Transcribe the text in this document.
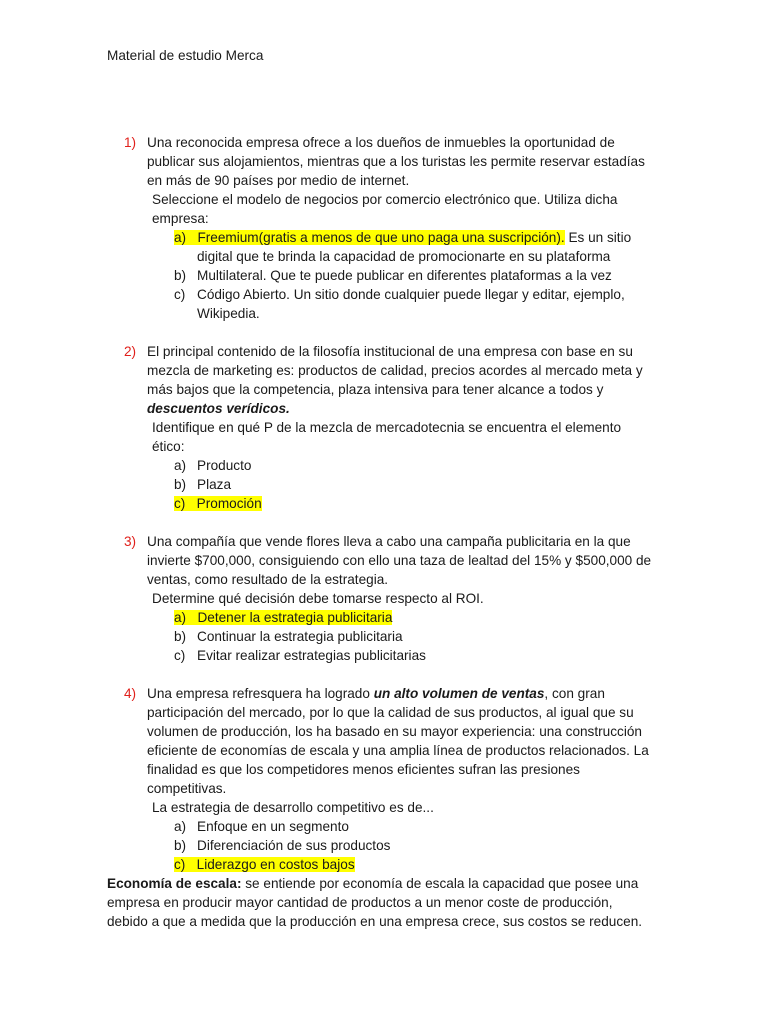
Material de estudio Merca
1) Una reconocida empresa ofrece a los dueños de inmuebles la oportunidad de
publicar sus alojamientos, mientras que a los turistas les permite reservar estadías
en más de 90 países por medio de internet.
Seleccione el modelo de negocios por comercio electrónico que. Utiliza dicha
empresa:
a) Freemium(gratis a menos de que uno paga una suscripción). Es un sitio
digital que te brinda la capacidad de promocionarte en su plataforma
b) Multilateral. Que te puede publicar en diferentes plataformas a la vez
c) Código Abierto. Un sitio donde cualquier puede llegar y editar, ejemplo,
Wikipedia.
2) El principal contenido de la filosofía institucional de una empresa con base en su
mezcla de marketing es: productos de calidad, precios acordes al mercado meta y
más bajos que la competencia, plaza intensiva para tener alcance a todos y
descuentos verídicos.
Identifique en qué P de la mezcla de mercadotecnia se encuentra el elemento
ético:
a) Producto
b) Plaza
c) Promoción
3) Una compañía que vende flores lleva a cabo una campaña publicitaria en la que
invierte $700,000, consiguiendo con ello una taza de lealtad del 15% y $500,000 de
ventas, como resultado de la estrategia.
Determine qué decisión debe tomarse respecto al ROI.
a) Detener la estrategia publicitaria
b) Continuar la estrategia publicitaria
c) Evitar realizar estrategias publicitarias
4) Una empresa refresquera ha logrado un alto volumen de ventas, con gran
participación del mercado, por lo que la calidad de sus productos, al igual que su
volumen de producción, los ha basado en su mayor experiencia: una construcción
eficiente de economías de escala y una amplia línea de productos relacionados. La
finalidad es que los competidores menos eficientes sufran las presiones
competitivas.
La estrategia de desarrollo competitivo es de...
a) Enfoque en un segmento
b) Diferenciación de sus productos
c) Liderazgo en costos bajos
Economía de escala: se entiende por economía de escala la capacidad que posee una
empresa en producir mayor cantidad de productos a un menor coste de producción,
debido a que a medida que la producción en una empresa crece, sus costos se reducen.
